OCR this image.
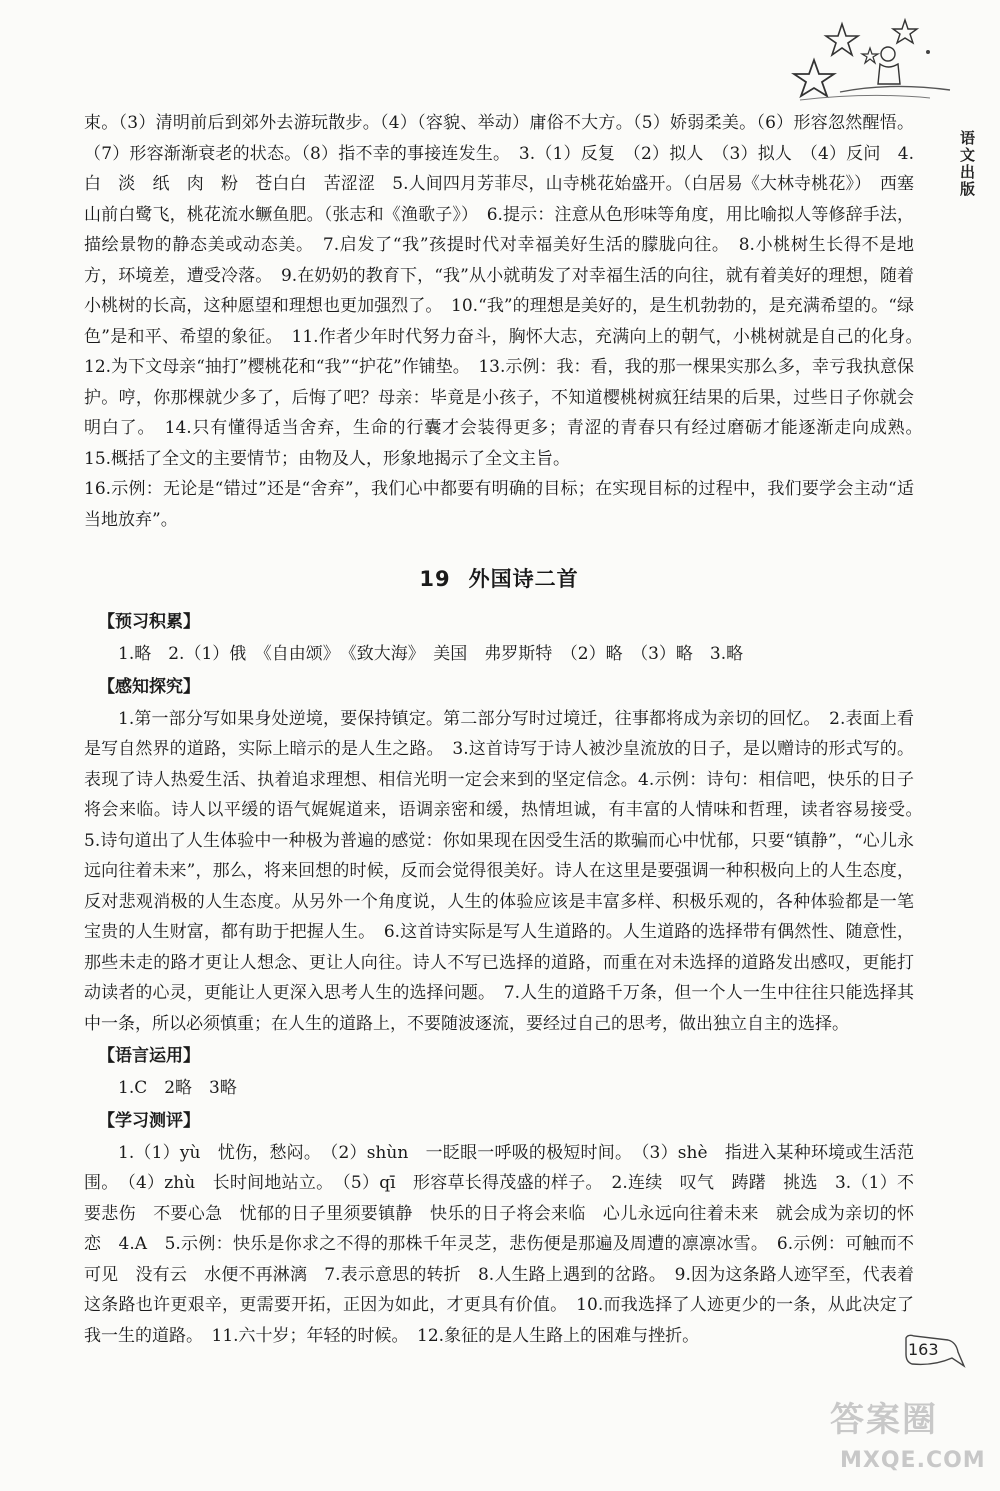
语文出版

束。（3）清明前后到郊外去游玩散步。（4）（容貌、举动）庸俗不大方。（5）娇弱柔美。（6）形容忽然醒悟。（7）形容渐渐衰老的状态。（8）指不幸的事接连发生。　3.（1）反复　（2）拟人　（3）拟人　（4）反问　4.白　淡　纸　肉　粉　苍白白　苦涩涩　5.人间四月芳菲尽，山寺桃花始盛开。（白居易《大林寺桃花》）　西塞山前白鹭飞，桃花流水鳜鱼肥。（张志和《渔歌子》）　6.提示：注意从色形味等角度，用比喻拟人等修辞手法，描绘景物的静态美或动态美。　7.启发了“我”孩提时代对幸福美好生活的朦胧向往。　8.小桃树生长得不是地方，环境差，遭受冷落。　9.在奶奶的教育下，“我”从小就萌发了对幸福生活的向往，就有着美好的理想，随着小桃树的长高，这种愿望和理想也更加强烈了。　10.“我”的理想是美好的，是生机勃勃的，是充满希望的。“绿色”是和平、希望的象征。　11.作者少年时代努力奋斗，胸怀大志，充满向上的朝气，小桃树就是自己的化身。　12.为下文母亲“抽打”樱桃花和“我”“护花”作铺垫。　13.示例：我：看，我的那一棵果实那么多，幸亏我执意保护。哼，你那棵就少多了，后悔了吧？母亲：毕竟是小孩子，不知道樱桃树疯狂结果的后果，过些日子你就会明白了。　14.只有懂得适当舍弃，生命的行囊才会装得更多；青涩的青春只有经过磨砺才能逐渐走向成熟。　15.概括了全文的主要情节；由物及人，形象地揭示了全文主旨。

16.示例：无论是“错过”还是“舍弃”，我们心中都要有明确的目标；在实现目标的过程中，我们要学会主动“适当地放弃”。

19 外国诗二首
【预习积累】

1.略　2.（1）俄　《自由颂》　《致大海》　美国　弗罗斯特　（2）略　（3）略　3.略

【感知探究】

1.第一部分写如果身处逆境，要保持镇定。第二部分写时过境迁，往事都将成为亲切的回忆。　2.表面上看是写自然界的道路，实际上暗示的是人生之路。　3.这首诗写于诗人被沙皇流放的日子，是以赠诗的形式写的。表现了诗人热爱生活、执着追求理想、相信光明一定会来到的坚定信念。4.示例：诗句：相信吧，快乐的日子将会来临。诗人以平缓的语气娓娓道来，语调亲密和缓，热情坦诚，有丰富的人情味和哲理，读者容易接受。　5.诗句道出了人生体验中一种极为普遍的感觉：你如果现在因受生活的欺骗而心中忧郁，只要“镇静”，“心儿永远向往着未来”，那么，将来回想的时候，反而会觉得很美好。诗人在这里是要强调一种积极向上的人生态度，反对悲观消极的人生态度。从另外一个角度说，人生的体验应该是丰富多样、积极乐观的，各种体验都是一笔宝贵的人生财富，都有助于把握人生。　6.这首诗实际是写人生道路的。人生道路的选择带有偶然性、随意性，那些未走的路才更让人想念、更让人向往。诗人不写已选择的道路，而重在对未选择的道路发出感叹，更能打动读者的心灵，更能让人更深入思考人生的选择问题。　7.人生的道路千万条，但一个人一生中往往只能选择其中一条，所以必须慎重；在人生的道路上，不要随波逐流，要经过自己的思考，做出独立自主的选择。

【语言运用】

1.C　2略　3略

【学习测评】

1.（1）yù　忧伤，愁闷。　（2）shùn　一眨眼一呼吸的极短时间。　（3）shè　指进入某种环境或生活范围。　（4）zhù　长时间地站立。　（5）qī　形容草长得茂盛的样子。　2.连续　叹气　踌躇　挑选　3.（1）不要悲伤　不要心急　忧郁的日子里须要镇静　快乐的日子将会来临　心儿永远向往着未来　就会成为亲切的怀恋　4.A　5.示例：快乐是你求之不得的那株千年灵芝，悲伤便是那遍及周遭的凛凛冰雪。　6.示例：可触而不可见　没有云　水便不再淋漓　7.表示意思的转折　8.人生路上遇到的岔路。　9.因为这条路人迹罕至，代表着这条路也许更艰辛，更需要开拓，正因为如此，才更具有价值。　10.而我选择了人迹更少的一条，从此决定了我一生的道路。　11.六十岁；年轻的时候。　12.象征的是人生路上的困难与挫折。

163
答案圈
MXQE.COM
